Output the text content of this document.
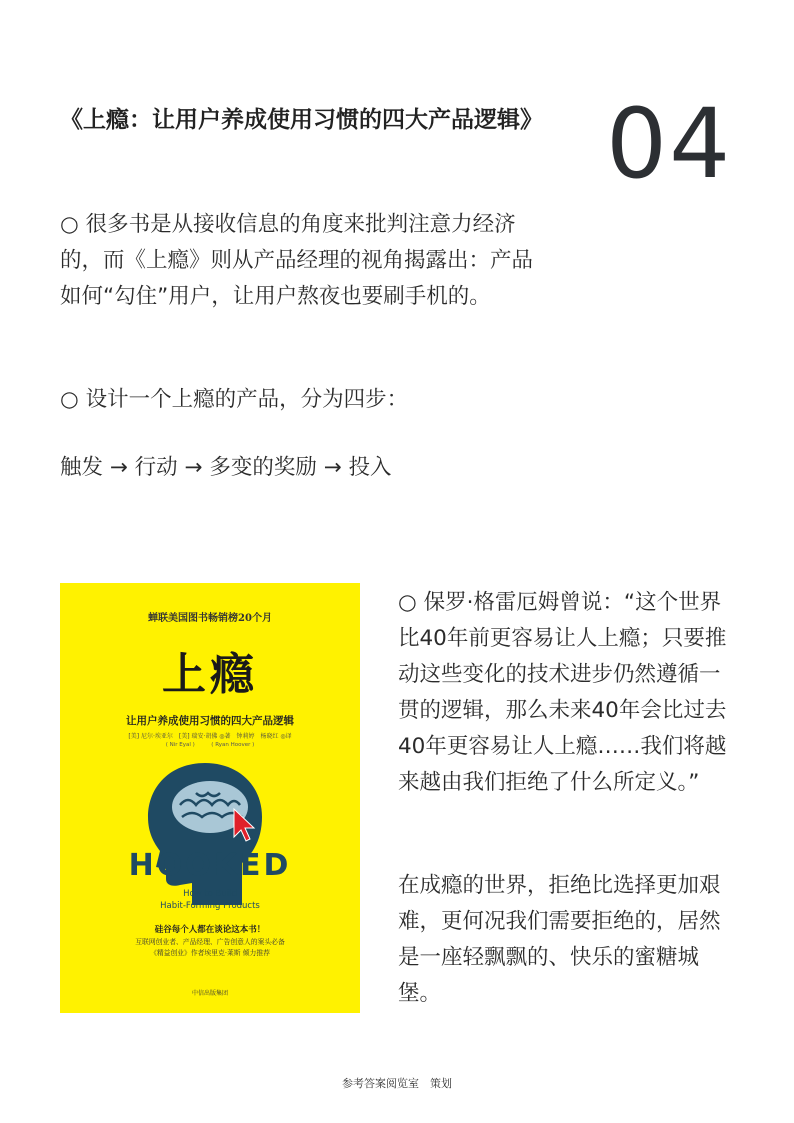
《上瘾：让用户养成使用习惯的四大产品逻辑》 04

○ 很多书是从接收信息的角度来批判注意力经济的，而《上瘾》则从产品经理的视角揭露出：产品如何“勾住”用户，让用户熬夜也要刷手机的。

○ 设计一个上瘾的产品，分为四步：

触发 → 行动 → 多变的奖励 → 投入

蝉联美国图书畅销榜20个月
上瘾
让用户养成使用习惯的四大产品逻辑
[美] 尼尔·埃亚尔　[美] 瑞安·胡佛 ◎著　钟莉婷　杨晓红 ◎译
( Nir Eyal )　　　( Ryan Hoover )
HOOKED
How to Build
Habit-Forming Products
硅谷每个人都在谈论这本书！
互联网创业者、产品经理、广告创意人的案头必备
《精益创业》作者埃里克·莱斯 倾力推荐
中信出版集团

○ 保罗·格雷厄姆曾说：“这个世界比40年前更容易让人上瘾；只要推动这些变化的技术进步仍然遵循一贯的逻辑，那么未来40年会比过去40年更容易让人上瘾……我们将越来越由我们拒绝了什么所定义。”

在成瘾的世界，拒绝比选择更加艰难，更何况我们需要拒绝的，居然是一座轻飘飘的、快乐的蜜糖城堡。

参考答案阅览室　策划
